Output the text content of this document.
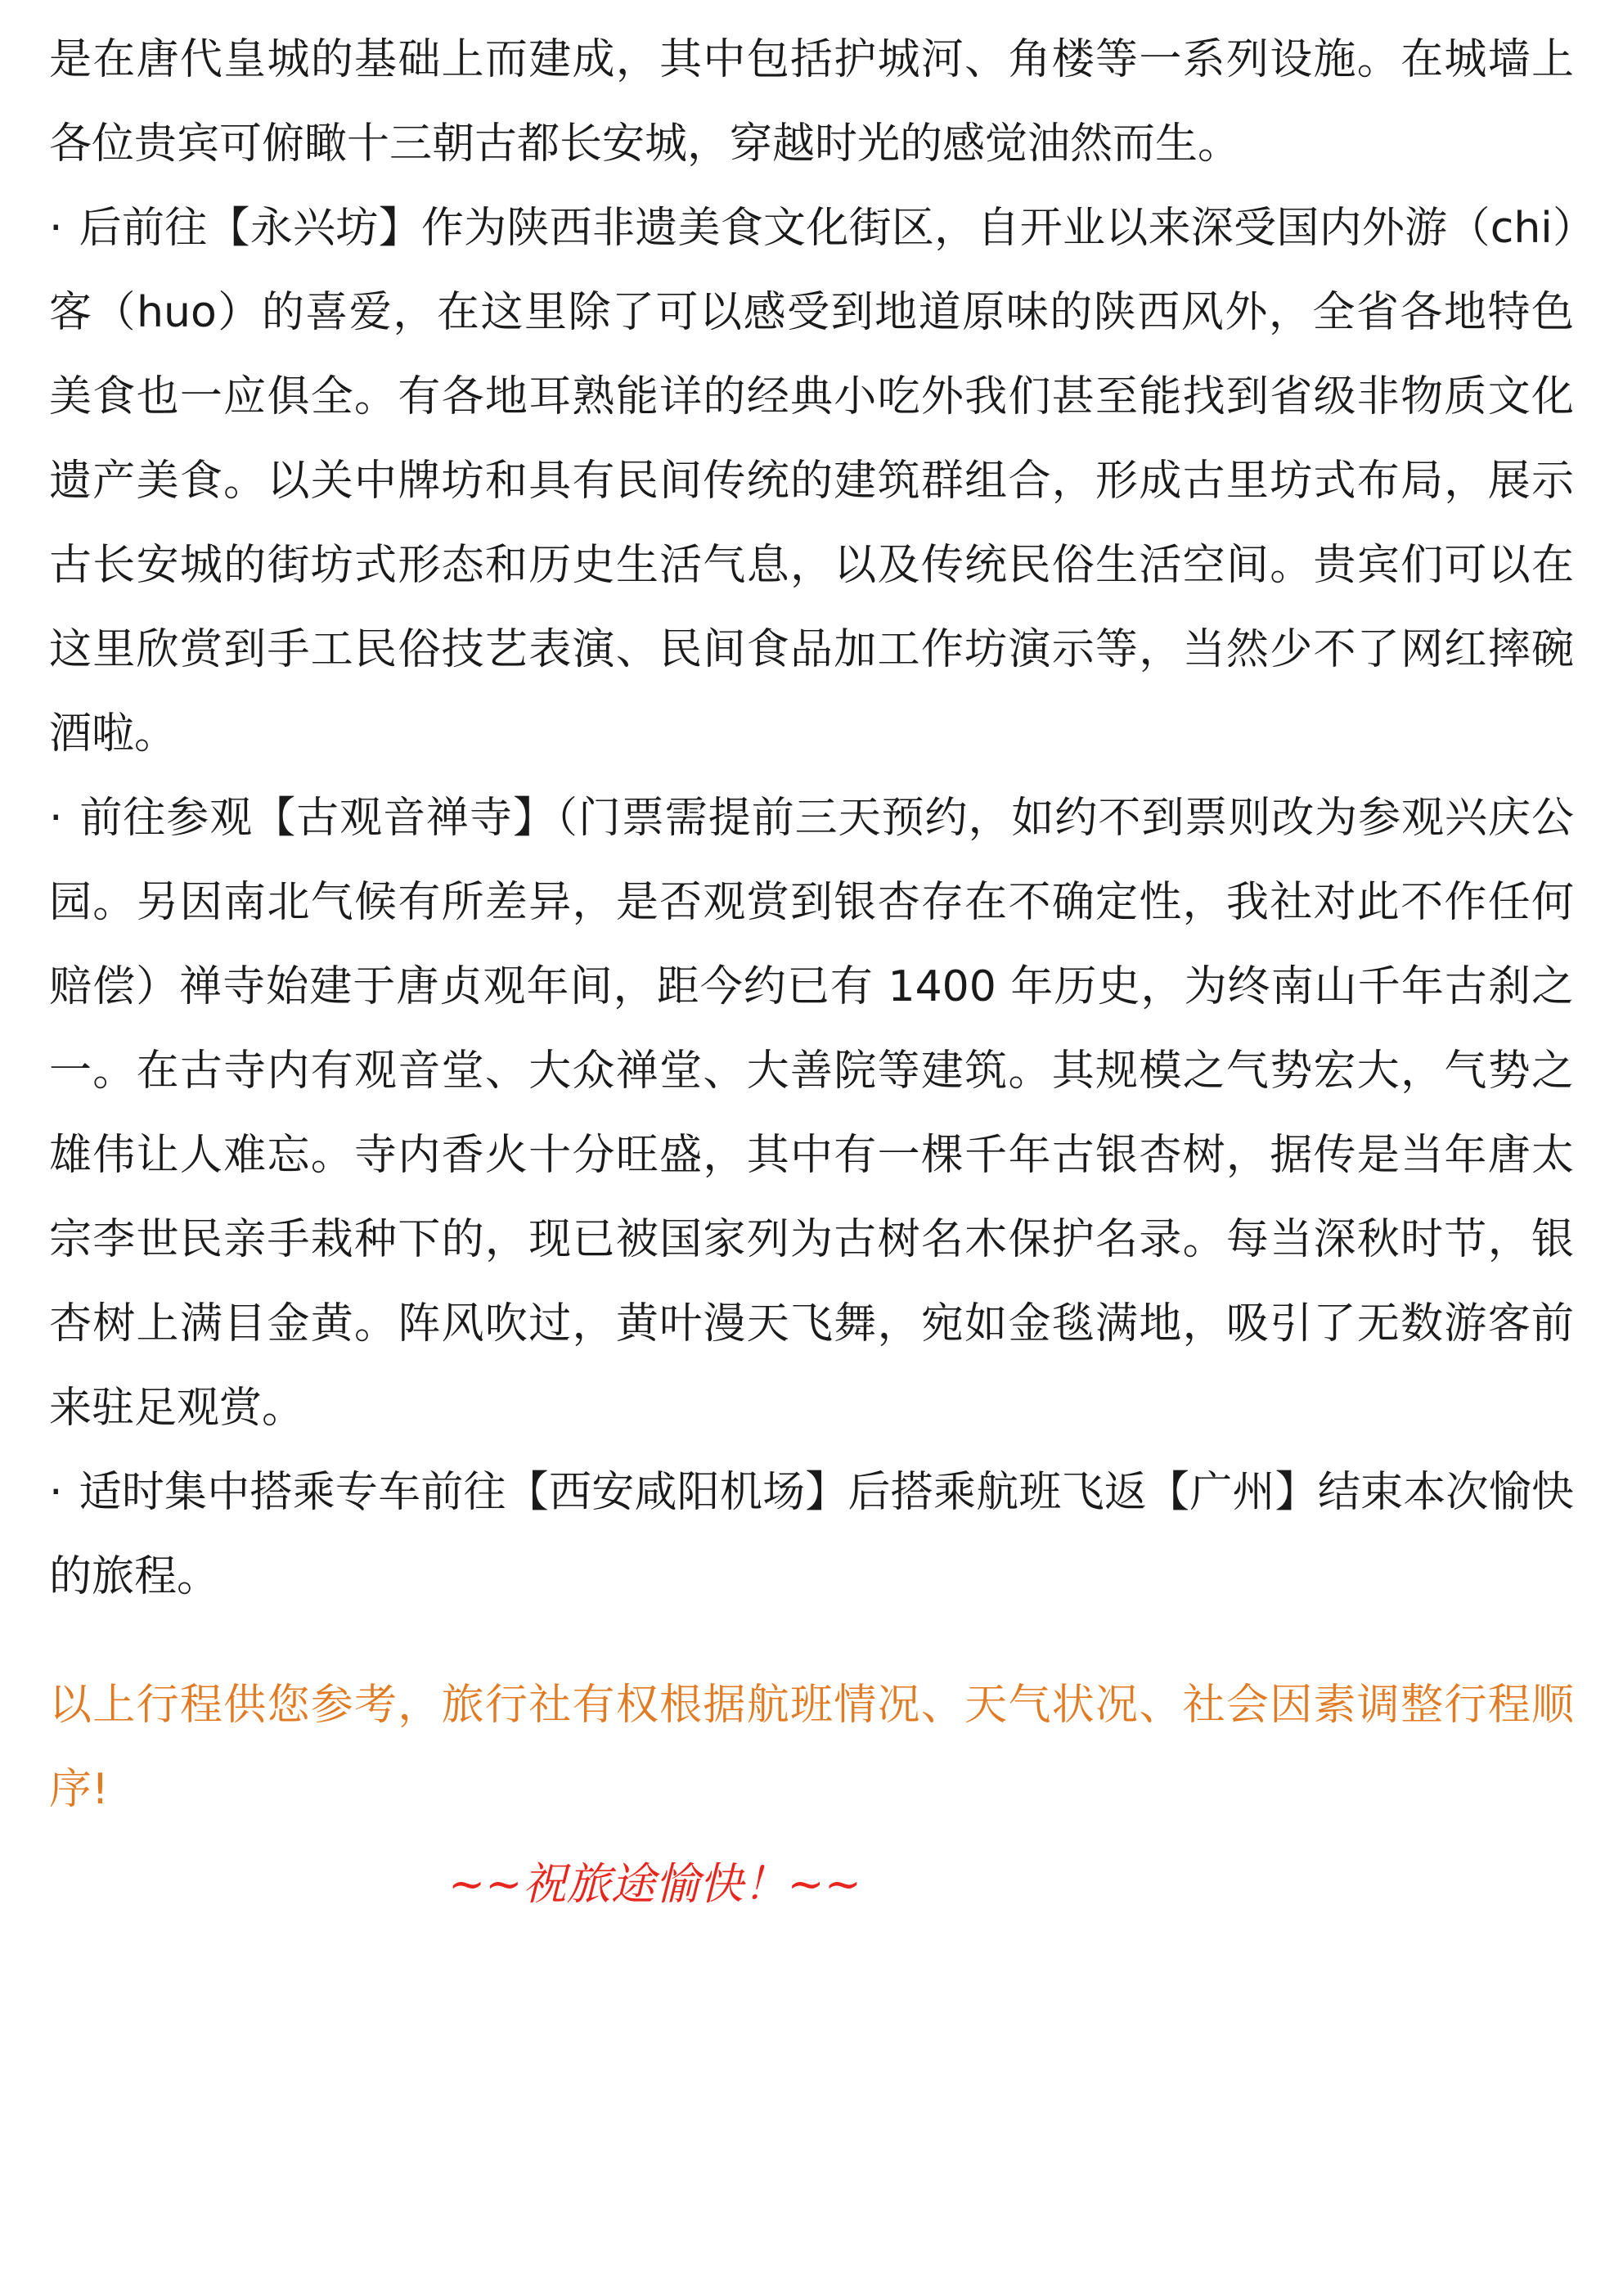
是在唐代皇城的基础上而建成，其中包括护城河、角楼等一系列设施。在城墙上各位贵宾可俯瞰十三朝古都长安城，穿越时光的感觉油然而生。

· 后前往【永兴坊】作为陕西非遗美食文化街区，自开业以来深受国内外游（chi）客（huo）的喜爱，在这里除了可以感受到地道原味的陕西风外，全省各地特色美食也一应俱全。有各地耳熟能详的经典小吃外我们甚至能找到省级非物质文化遗产美食。以关中牌坊和具有民间传统的建筑群组合，形成古里坊式布局，展示古长安城的街坊式形态和历史生活气息，以及传统民俗生活空间。贵宾们可以在这里欣赏到手工民俗技艺表演、民间食品加工作坊演示等，当然少不了网红摔碗酒啦。

· 前往参观【古观音禅寺】（门票需提前三天预约，如约不到票则改为参观兴庆公园。另因南北气候有所差异，是否观赏到银杏存在不确定性，我社对此不作任何赔偿）禅寺始建于唐贞观年间，距今约已有 1400 年历史，为终南山千年古刹之一。在古寺内有观音堂、大众禅堂、大善院等建筑。其规模之气势宏大，气势之雄伟让人难忘。寺内香火十分旺盛，其中有一棵千年古银杏树，据传是当年唐太宗李世民亲手栽种下的，现已被国家列为古树名木保护名录。每当深秋时节，银杏树上满目金黄。阵风吹过，黄叶漫天飞舞，宛如金毯满地，吸引了无数游客前来驻足观赏。

· 适时集中搭乘专车前往【西安咸阳机场】后搭乘航班飞返【广州】结束本次愉快的旅程。

以上行程供您参考，旅行社有权根据航班情况、天气状况、社会因素调整行程顺序!

~~祝旅途愉快！~~
